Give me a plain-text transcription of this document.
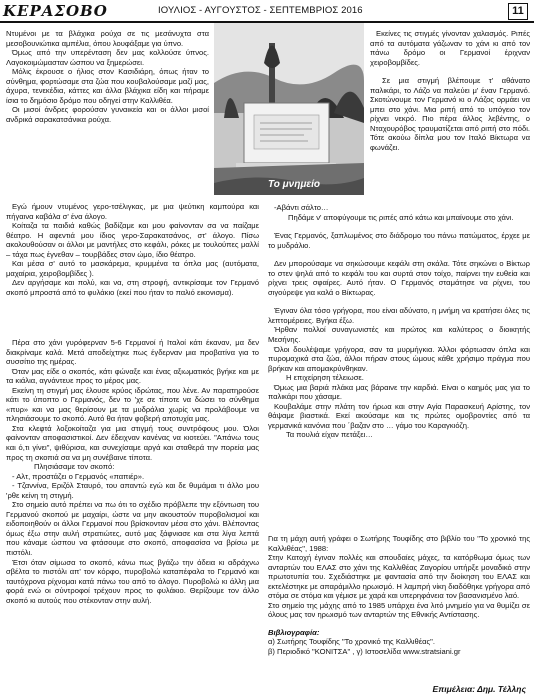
ΚΕΡΑΣΟΒΟ	ΙΟΥΛΙΟΣ - ΑΥΓΟΥΣΤΟΣ - ΣΕΠΤΕΜΒΡΙΟΣ 2016	11
Το μνημείο

Ντυμένοι με τα βλάχικα ρούχα σε τις μεσάνυχτα στα μεσοβουνιώτικα αμπέλια, όπου λουφάξαμε για ύπνο.

Όμως από την υπερένταση δεν μας κολλούσε ύπνος. Λαγοκοιμώμασταν ώσπου να ξημερώσει.

Μόλις έκρουσε ο ήλιος στον Κασιδιάρη, όπως ήταν το σύνθημα, φορτώσαμε στα ζώα που κουβαλούσαμε μαζί μας, άχυρα, τενεκέδια, κάττες και άλλα βλάχικα είδη και πήραμε ίσια το δημόσιο δρόμο που οδηγεί στην Καλλιθέα.

Οι μισοί άνδρες φορούσαν γυναικεία και οι άλλοι μισοί ανδρικά σαρακατσάνικα ρούχα.

Εγώ ήμουν ντυμένος γερο-τσέλιγκας, με μια ψεύτικη καμπούρα και πήγαινα καβάλα σ' ένα άλογο.

Κοίταζα τα παιδιά καθώς βαδίζαμε και μου φαίνονταν σα να παίζαμε θέατρο. Η αφεντιά μου ίδιος γερο-Σαρακατσάνος, στ' άλογο. Πίσω ακολουθούσαν οι άλλοι με μαντήλες στο κεφάλι, ρόκες με τουλούπες μαλλί – τάχα πως έγνεθαν – τουρβάδες στον ώμο, ίδιο θέατρο.

Και μέσα σ' αυτό το μασκάρεμα, κρυμμένα τα όπλα μας (αυτόματα, μαχαίρια, χειροβομβίδες ).

Δεν αργήσαμε και πολύ, και να, στη στροφή, αντικρίσαμε τον Γερμανό σκοπό μπροστά από το φυλάκιο (εκεί που ήταν το παλιό εικονισμα).

Πέρα στο χάνι γυρόφερναν 5-6 Γερμανοί ή Ιταλοί κάτι έκαναν, μα δεν διακρίναμε καλά. Μετά αποδείχτηκε πως έγδερναν μια προβατίνα για το συσσίτιο της ημέρας.

Όταν μας είδε ο σκοπός, κάτι φώναξε και ένας αξιωματικός βγήκε και με τα κιάλια, αγνάντευε προς το μέρος μας.

Εκείνη τη στιγμή μας έλουσε κρύος ιδρώτας, που λένε. Αν παρατηρούσε κάτι το ύποπτο ο Γερμανός, δεν το 'χε σε τίποτε να δώσει το σύνθημα «πυρ» και να μας θερίσουν με τα μυδράλια χωρίς να προλάβουμε να πλησιάσουμε το σκοπό. Αυτό θα ήταν φοβερή αποτυχία μας.

Στα κλεφτά λοξοκοίταζα για μια στιγμή τους συντρόφους μου. Όλοι φαίνονταν αποφασιστικοί. Δεν έδειχναν κανένας να κιοτεύει. "Απάνω τους και ό,τι γίνει", ψιθύρισα, και συνεχίσαμε αργά και σταθερά την πορεία μας προς τη σκοπιά σα να μη συνέβαινε τίποτα.

Πλησιάσαμε τον σκοπό:

- Αλτ, προστάζει ο Γερμανός «παπιέρ».

- Τζαννίνα, Εριζόλ Σταυρό, του απαντώ εγώ και δε θυμάμαι τι άλλο μου 'ρθε κείνη τη στιγμή.

Στο σημείο αυτό πρέπει να πω ότι το σχέδιο πρόβλεπε την εξόντωση του Γερμανού σκοπού με μαχαίρι, ώστε να μην ακουστούν πυροβολισμοί και ειδοποιηθούν οι άλλοι Γερμανοί που βρίσκονταν μέσα στο χάνι. Βλέποντας όμως έξω στην αυλή στρατιώτες, αυτό μας ξάφνιασε και στα λίγα λεπτά που κάναμε ώσπου να φτάσουμε στο σκοπό, αποφασίσα να βρίσω με πιστόλι.

Έτσι όταν σίμωσα το σκοπό, κάνω πως βγάζω την άδεια κι αδράχνω σβέλτα το πιστόλι απ' τον κόρφο, πυροβολώ καταπέφαλα το Γερμανό και ταυτόχρονα ρίχνομαι κατά πάνω του από το άλογο. Πυροβολώ κι άλλη μια φορά ενώ οι σύντροφοί τρέχουν προς το φυλάκιο. Θερίζουμε τον άλλο σκοπό κι αυτούς που στέκονταν στην αυλή.

Εκείνες τις στιγμές γίνονταν χαλασμός. Ριπές από τα αυτόματα γάζωναν το χάνι κι από τον πάνω δρόμο οι Γερμανοί έριχναν χειροβομβίδες.

Σε μια στιγμή βλέπουμε τ' αθάνατο παλικάρι, το Λάζο να παλεύει μ' έναν Γερμανό. Σκοτώνουμε τον Γερμανό κι ο Λάζος ορμάει να μπει στο χάνι. Μια ριπή από το υπόγειο τον ρίχνει νεκρό. Πιο πέρα άλλος λεβέντης, ο Νταχουρόβος τραυματίζεται από ριπή στο πόδι. Τότε ακούω δίπλα μου τον Ιταλό Βίκτωρα να φωνάζει.

-Αβάντι σάλτο…

Πηδάμε ν' αποφύγουμε τις ριπές από κάτω και μπαίνουμε στο χάνι.

Ένας Γερμανός, ξαπλωμένος στο διάδρομο του πάνω πατώματος, έρχεε με το μυδράλιο.

Δεν μπορούσαμε να σηκώσουμε κεφάλι στη σκάλα. Τότε σηκώνει ο Βίκτωρ το στεν ψηλά από το κεφάλι του και συρτά στον τοίχο, παίρνει την ευθεία και ρίχνει τρεις σφαίρες. Αυτό ήταν. Ο Γερμανός σταμάτησε να ρίχνει, του σιγούρεψε για καλά ο Βίκτωρας.

Έγιναν όλα τόσο γρήγορα, που είναι αδύνατο, η μνήμη να κρατήσει όλες τις λεπτομέρειες. Βγήκα έξω.

Ήρθαν πολλοί συναγωνιστές και πρώτος και καλύτερος ο διοικητής Μεσήνης.

Όλοι δουλέψαμε γρήγορα, σαν τα μυρμήγκια. Άλλοι φόρτωσαν όπλα και πυρομαχικά στα ζώα, άλλοι πήραν στους ώμους κάθε χρήσιμο πράγμα που βρήκαν και απομακρύνθηκαν.

Η επιχείρηση τέλειωσε.

Όμως μια βαριά πλάκα μας βάραινε την καρδιά. Είναι ο καημός μας για το παλικάρι που χάσαμε.

Κουβαλάμε στην πλάτη τον ήρωα και στην Αγία Παρασκευή Αρίστης, τον θάψαμε βιαστικά. Εκεί ακούσαμε και τις πρώτες ομοβροντίες από τα γερμανικά κανόνια που ΄βαζαν στο … γάμο του Καραγκιόζη.

Τα πουλιά είχαν πετάξει…

Για τη μάχη αυτή γράφει ο Σωτήρης Τουφίδης στο βιβλίο του "Το χρονικό της Καλλιθέας", 1988:

Στην Κατοχή έγιναν πολλές και σπουδαίες μάχες, τα κατόρθωμα όμως των ανταρτών του ΕΛΑΣ στο χάνι της Καλλιθέας Ζαγορίου υπήρξε μοναδικό στην πρωτοτυπία του. Σχεδιάστηκε με φαντασία από την διοίκηση του ΕΛΑΣ και εκτελέστηκε με απαράμιλλο ηρωισμό. Η λαμπρή νίκη διαδόθηκε γρήγορα από στόμα σε στόμα και γέμισε με χαρά και υπερηφάνεια τον βασανισμένο λαό.

Στο σημείο της μάχης από το 1985 υπάρχει ένα λιτό μνημείο για να θυμίζει σε όλους μας τον ηρωισμό των ανταρτών της Εθνικής Αντίστασης.

Βιβλιογραφία:

α) Σωτήρης Τουφίδης "Το χρονικό της Καλλιθέας".

β) Περιοδικό "ΚΟΝΙΤΣΑ" , γ) Ιστοσελίδα www.stratsiani.gr

Επιμέλεια: Δημ. Τέλλης
